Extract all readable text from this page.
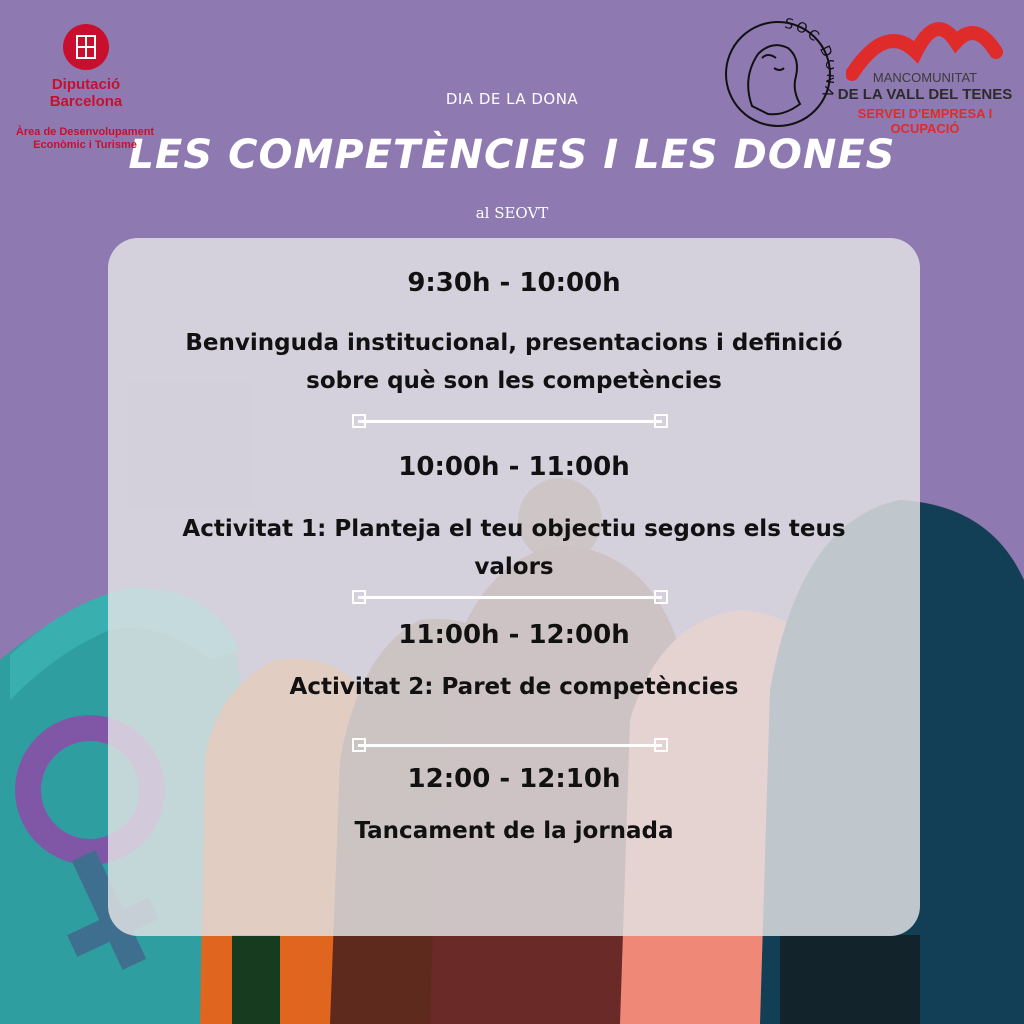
DIA DE LA DONA
LES COMPETÈNCIES I LES DONES
al SEOVT
Diputació
Barcelona
Àrea de Desenvolupament
Econòmic i Turisme
SOC D
MANCOMUNITAT
DE LA VALL DEL TENES
SERVEI D'EMPRESA I
OCUPACIÓ
9:30h - 10:00h
Benvinguda institucional, presentacions i definició sobre què son les competències
10:00h - 11:00h
Activitat 1: Planteja el teu objectiu segons els teus valors
11:00h - 12:00h
Activitat 2: Paret de competències
12:00 - 12:10h
Tancament de la jornada
